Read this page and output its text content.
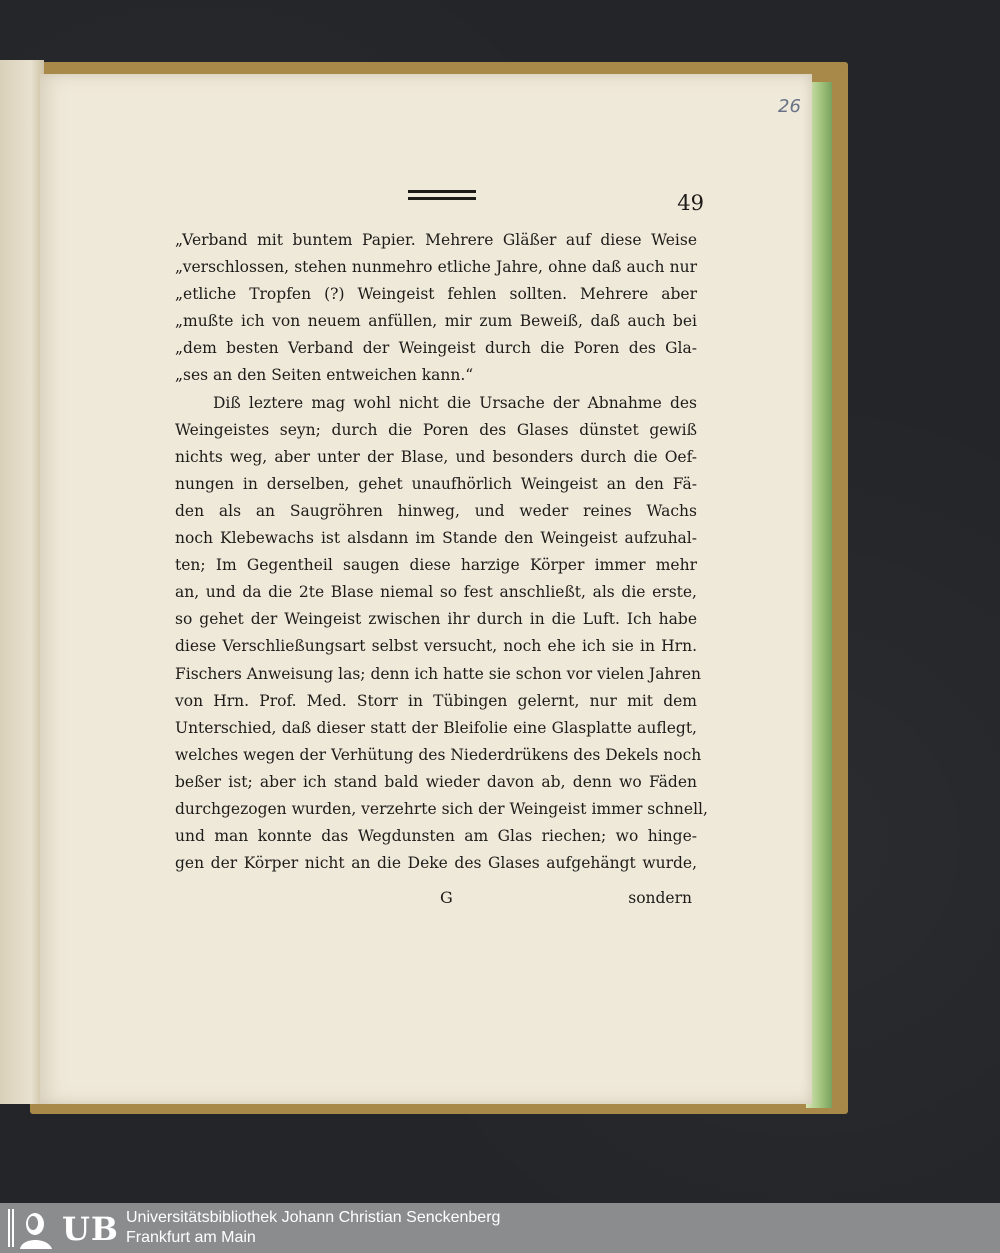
26
49
„Verband mit buntem Papier. Mehrere Gläßer auf diese Weise
„verschlossen, stehen nunmehro etliche Jahre, ohne daß auch nur
„etliche Tropfen (?) Weingeist fehlen sollten. Mehrere aber
„mußte ich von neuem anfüllen, mir zum Beweiß, daß auch bei
„dem besten Verband der Weingeist durch die Poren des Gla-
„ses an den Seiten entweichen kann.“
Diß leztere mag wohl nicht die Ursache der Abnahme des
Weingeistes seyn; durch die Poren des Glases dünstet gewiß
nichts weg, aber unter der Blase, und besonders durch die Oef-
nungen in derselben, gehet unaufhörlich Weingeist an den Fä-
den als an Saugröhren hinweg, und weder reines Wachs
noch Klebewachs ist alsdann im Stande den Weingeist aufzuhal-
ten; Im Gegentheil saugen diese harzige Körper immer mehr
an, und da die 2te Blase niemal so fest anschließt, als die erste,
so gehet der Weingeist zwischen ihr durch in die Luft. Ich habe
diese Verschließungsart selbst versucht, noch ehe ich sie in Hrn.
Fischers Anweisung las; denn ich hatte sie schon vor vielen Jahren
von Hrn. Prof. Med. Storr in Tübingen gelernt, nur mit dem
Unterschied, daß dieser statt der Bleifolie eine Glasplatte auflegt,
welches wegen der Verhütung des Niederdrükens des Dekels noch
beßer ist; aber ich stand bald wieder davon ab, denn wo Fäden
durchgezogen wurden, verzehrte sich der Weingeist immer schnell,
und man konnte das Wegdunsten am Glas riechen; wo hinge-
gen der Körper nicht an die Deke des Glases aufgehängt wurde,
G	sondern
UB Universitätsbibliothek Johann Christian Senckenberg
Frankfurt am Main
